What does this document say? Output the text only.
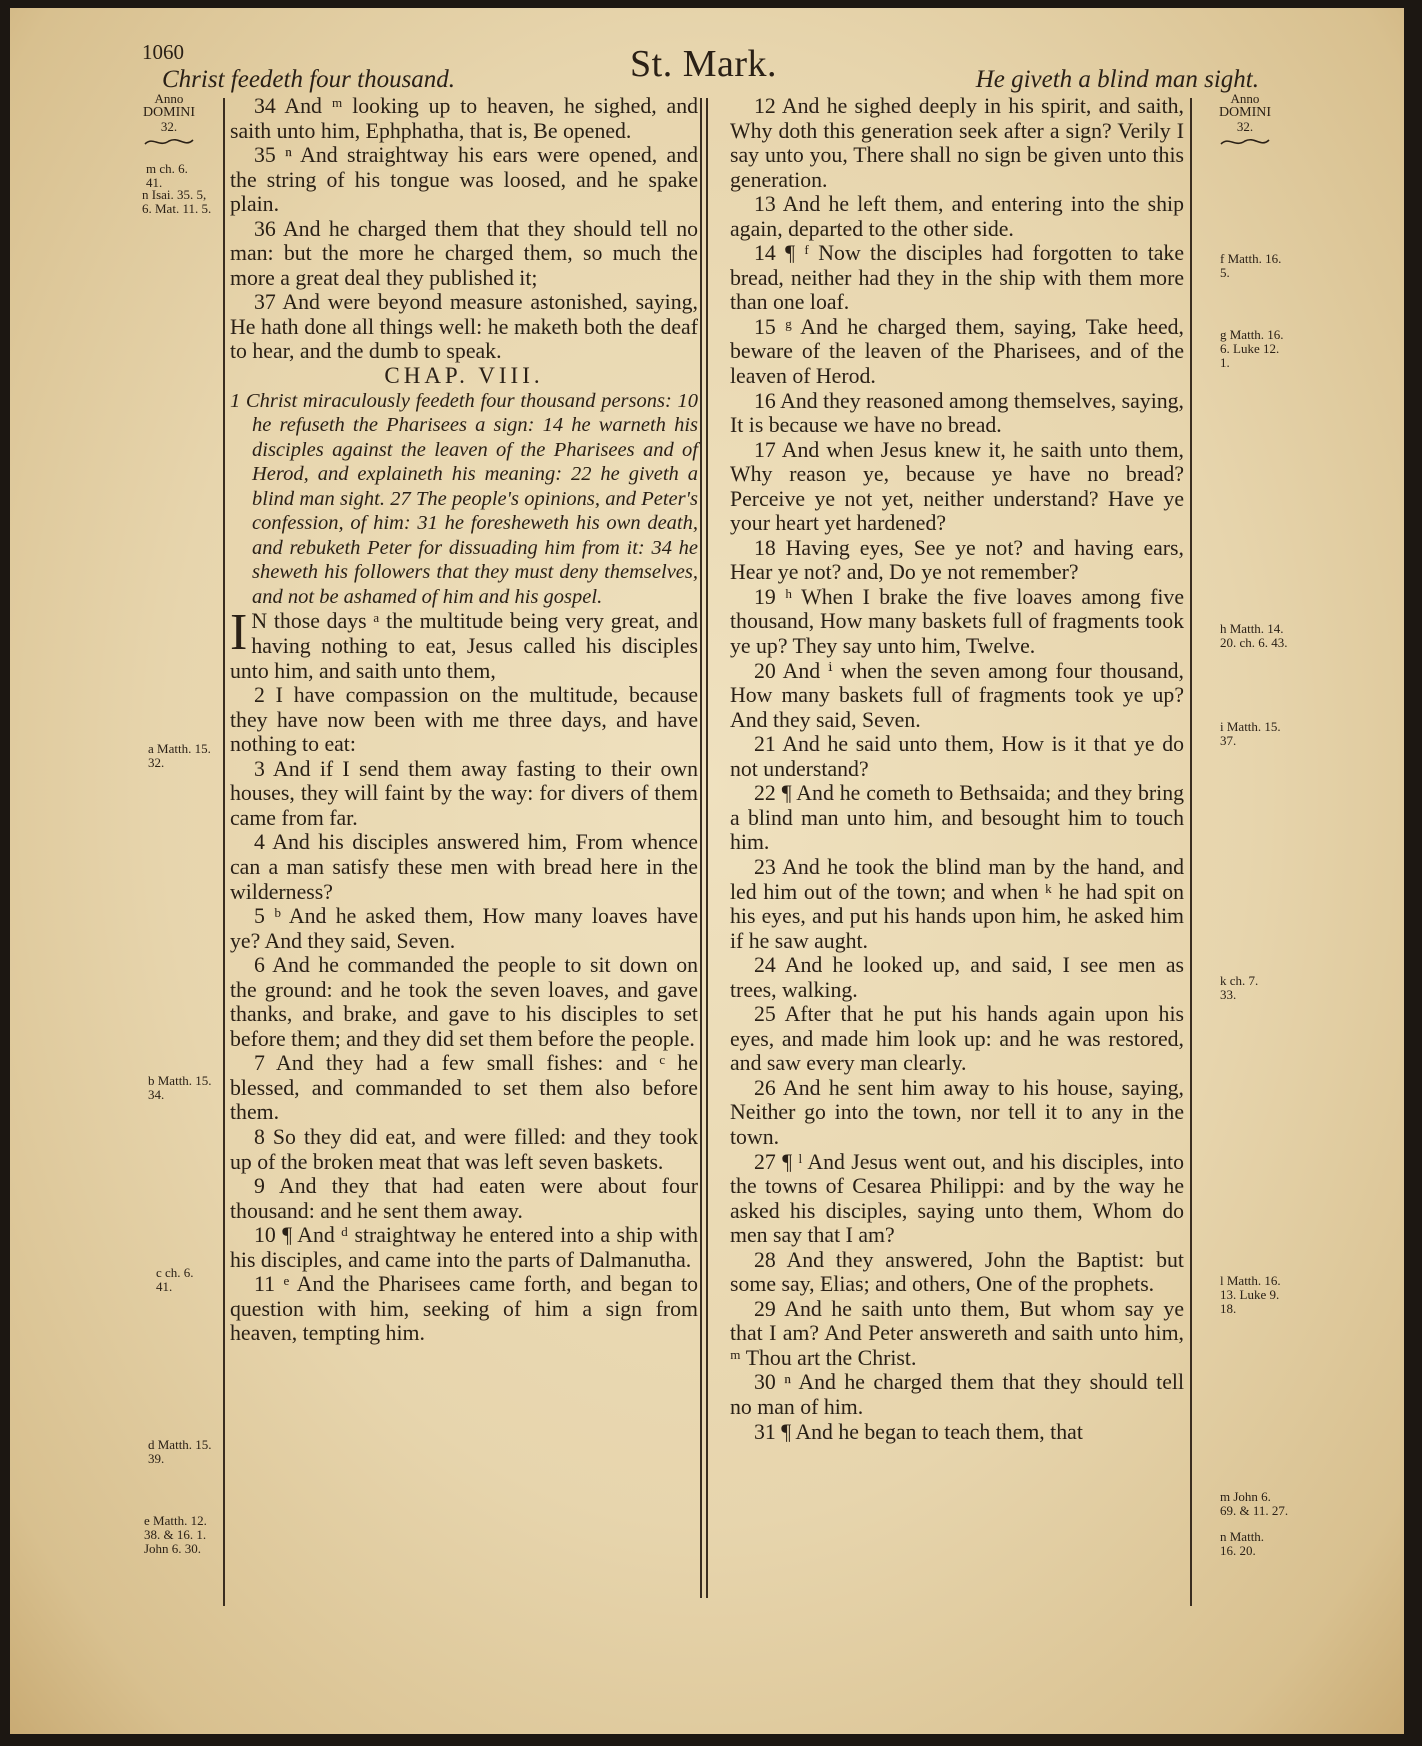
1060
Christ feedeth four thousand.	St. Mark.	He giveth a blind man sight.
Anno
DOMINI
32.
m ch. 6. 41.
n Isai. 35. 5, 6. Mat. 11. 5.
a Matth. 15. 32.
b Matth. 15. 34.
c ch. 6. 41.
d Matth. 15. 39.
e Matth. 12. 38. & 16. 1. John 6. 30.
Anno
DOMINI
32.
f Matth. 16. 5.
g Matth. 16. 6. Luke 12. 1.
h Matth. 14. 20. ch. 6. 43.
i Matth. 15. 37.
k ch. 7. 33.
l Matth. 16. 13. Luke 9. 18.
m John 6. 69. & 11. 27.
n Matth. 16. 20.

34 And ᵐ looking up to heaven, he sighed, and saith unto him, Ephphatha, that is, Be opened.

35 ⁿ And straightway his ears were opened, and the string of his tongue was loosed, and he spake plain.

36 And he charged them that they should tell no man: but the more he charged them, so much the more a great deal they published it;

37 And were beyond measure astonished, saying, He hath done all things well: he maketh both the deaf to hear, and the dumb to speak.

CHAP. VIII.

1 Christ miraculously feedeth four thousand persons: 10 he refuseth the Pharisees a sign: 14 he warneth his disciples against the leaven of the Pharisees and of Herod, and explaineth his meaning: 22 he giveth a blind man sight. 27 The people's opinions, and Peter's confession, of him: 31 he foresheweth his own death, and rebuketh Peter for dissuading him from it: 34 he sheweth his followers that they must deny themselves, and not be ashamed of him and his gospel.

I N those days ᵃ the multitude being very great, and having nothing to eat, Jesus called his disciples unto him, and saith unto them,

2 I have compassion on the multitude, because they have now been with me three days, and have nothing to eat:

3 And if I send them away fasting to their own houses, they will faint by the way: for divers of them came from far.

4 And his disciples answered him, From whence can a man satisfy these men with bread here in the wilderness?

5 ᵇ And he asked them, How many loaves have ye? And they said, Seven.

6 And he commanded the people to sit down on the ground: and he took the seven loaves, and gave thanks, and brake, and gave to his disciples to set before them; and they did set them before the people.

7 And they had a few small fishes: and ᶜ he blessed, and commanded to set them also before them.

8 So they did eat, and were filled: and they took up of the broken meat that was left seven baskets.

9 And they that had eaten were about four thousand: and he sent them away.

10 ¶ And ᵈ straightway he entered into a ship with his disciples, and came into the parts of Dalmanutha.

11 ᵉ And the Pharisees came forth, and began to question with him, seeking of him a sign from heaven, tempting him.

12 And he sighed deeply in his spirit, and saith, Why doth this generation seek after a sign? Verily I say unto you, There shall no sign be given unto this generation.

13 And he left them, and entering into the ship again, departed to the other side.

14 ¶ ᶠ Now the disciples had forgotten to take bread, neither had they in the ship with them more than one loaf.

15 ᵍ And he charged them, saying, Take heed, beware of the leaven of the Pharisees, and of the leaven of Herod.

16 And they reasoned among themselves, saying, It is because we have no bread.

17 And when Jesus knew it, he saith unto them, Why reason ye, because ye have no bread? Perceive ye not yet, neither understand? Have ye your heart yet hardened?

18 Having eyes, See ye not? and having ears, Hear ye not? and, Do ye not remember?

19 ʰ When I brake the five loaves among five thousand, How many baskets full of fragments took ye up? They say unto him, Twelve.

20 And ⁱ when the seven among four thousand, How many baskets full of fragments took ye up? And they said, Seven.

21 And he said unto them, How is it that ye do not understand?

22 ¶ And he cometh to Bethsaida; and they bring a blind man unto him, and besought him to touch him.

23 And he took the blind man by the hand, and led him out of the town; and when ᵏ he had spit on his eyes, and put his hands upon him, he asked him if he saw aught.

24 And he looked up, and said, I see men as trees, walking.

25 After that he put his hands again upon his eyes, and made him look up: and he was restored, and saw every man clearly.

26 And he sent him away to his house, saying, Neither go into the town, nor tell it to any in the town.

27 ¶ ˡ And Jesus went out, and his disciples, into the towns of Cesarea Philippi: and by the way he asked his disciples, saying unto them, Whom do men say that I am?

28 And they answered, John the Baptist: but some say, Elias; and others, One of the prophets.

29 And he saith unto them, But whom say ye that I am? And Peter answereth and saith unto him, ᵐ Thou art the Christ.

30 ⁿ And he charged them that they should tell no man of him.

31 ¶ And he began to teach them, that
